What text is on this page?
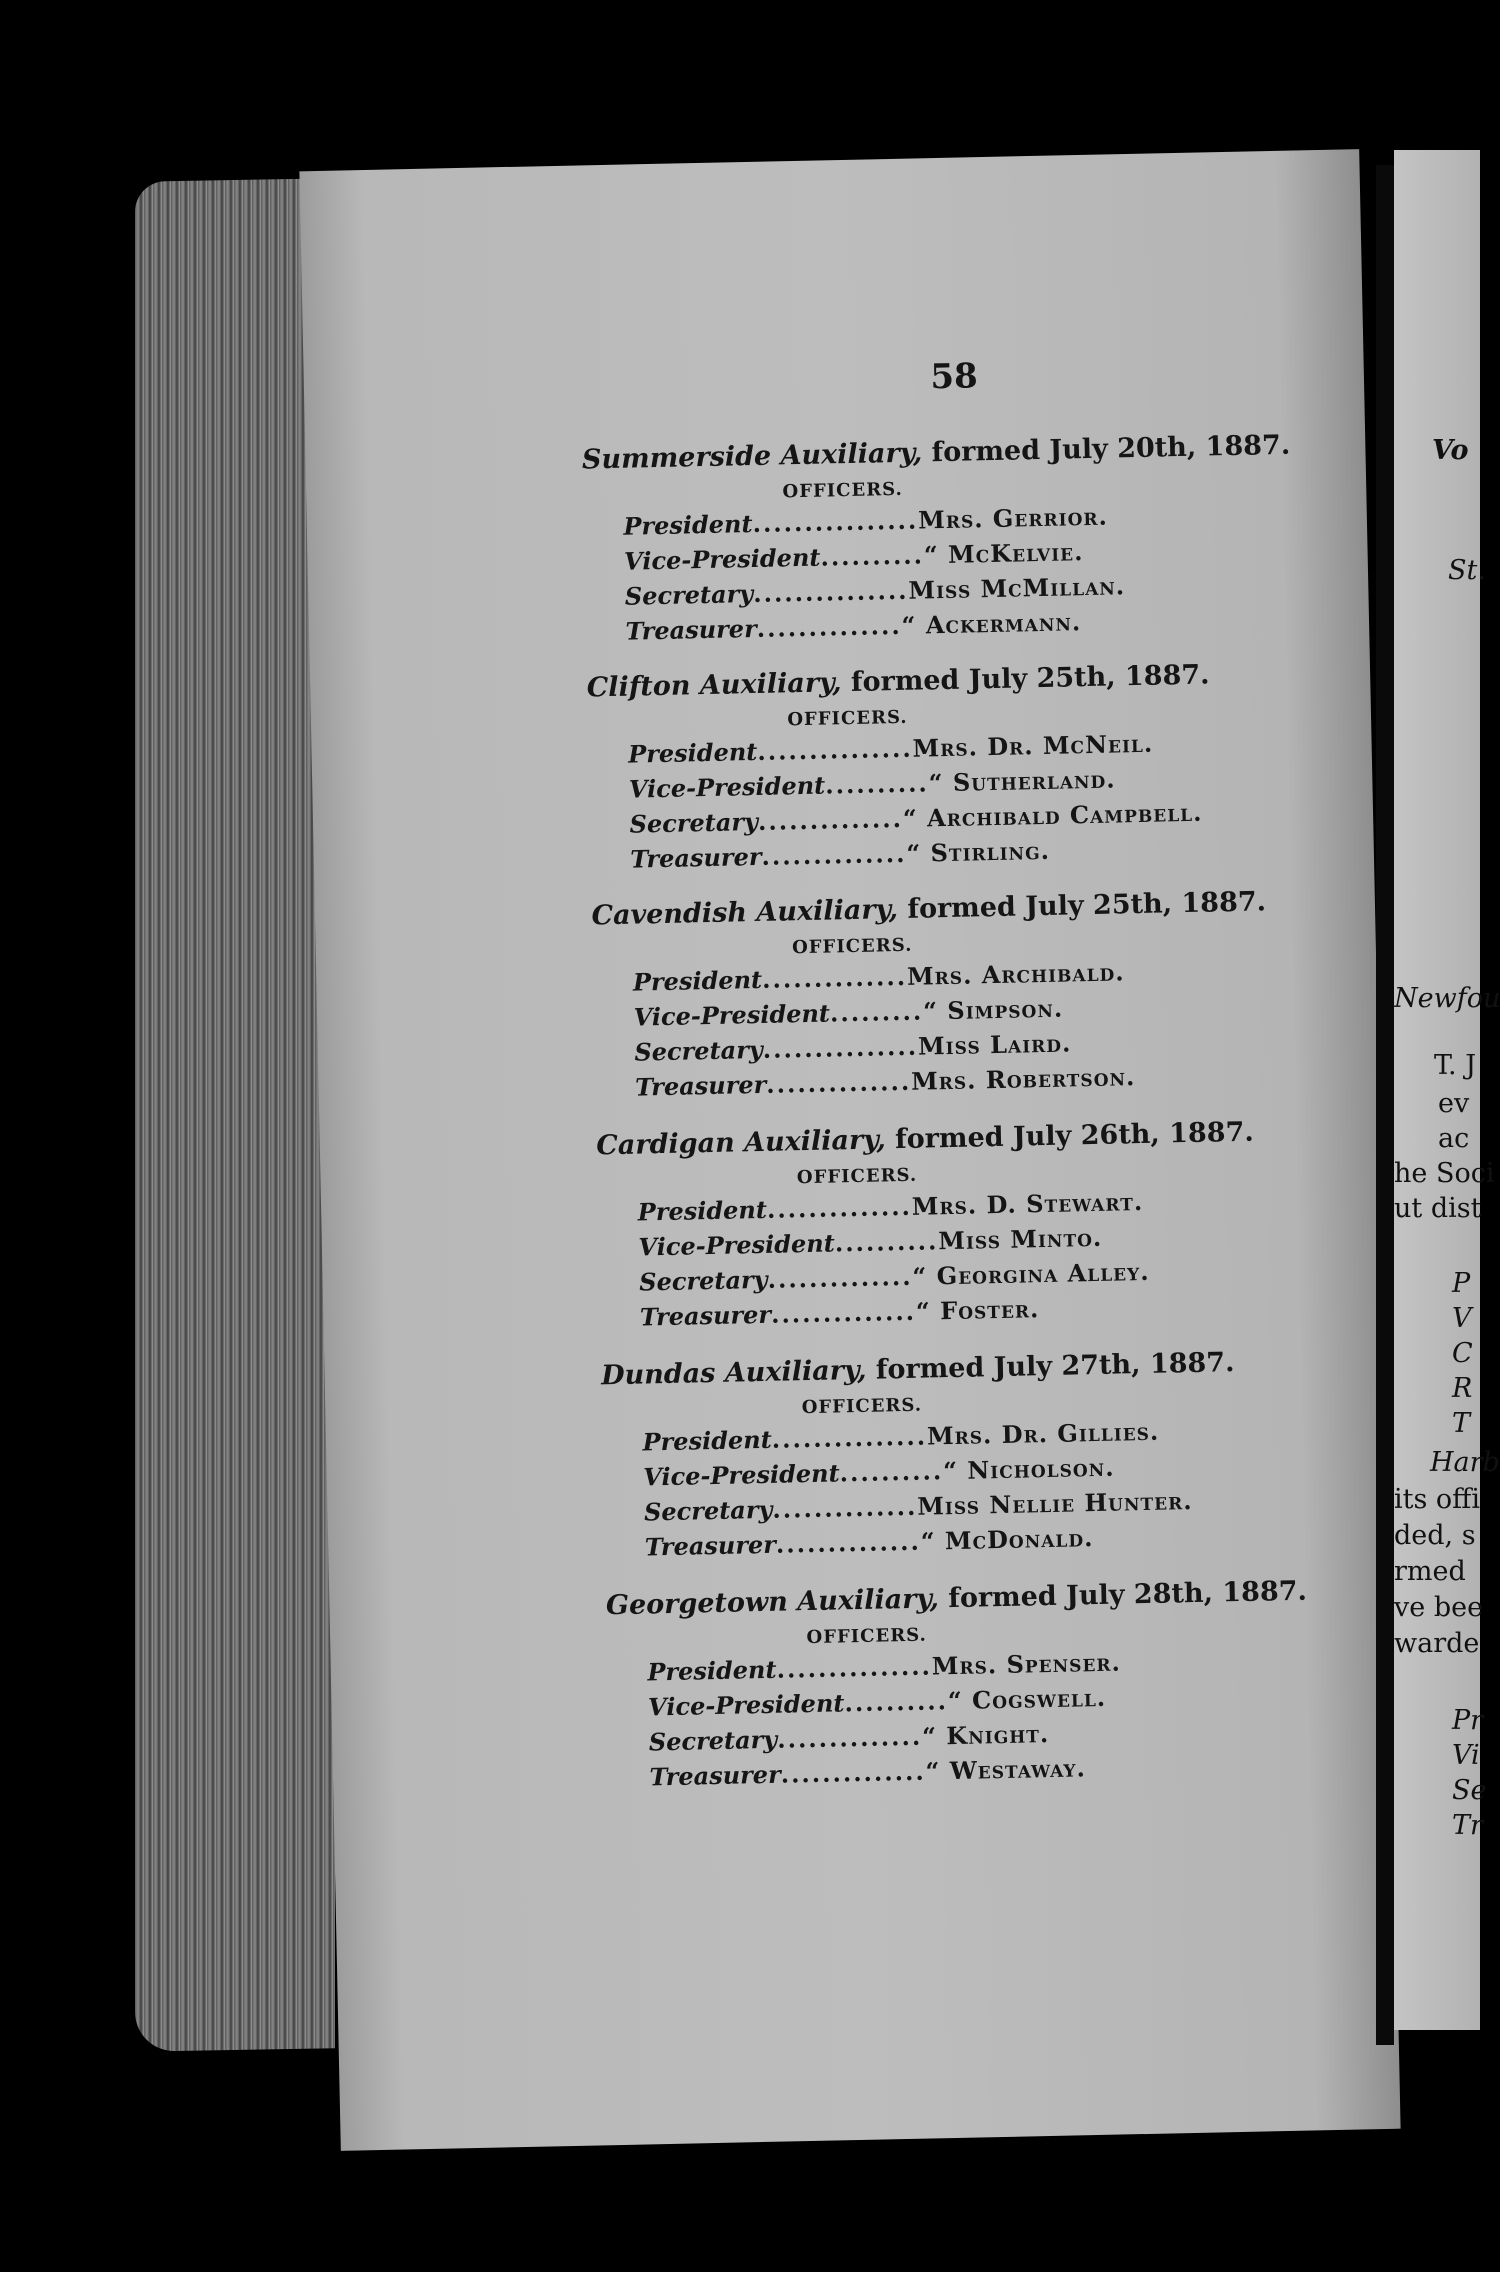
Vo
St.
Newfou
T. J
ev
ac
he Soci
ut dist
P
V
C
R
T
Harb
its offi
ded, s
rmed
ve bee
warde
Pr
Vi
Se
Tr
58
Summerside Auxiliary, formed July 20th, 1887.
OFFICERS.
President ................ Mrs. Gerrior.
Vice-President .......... “ McKelvie.
Secretary ............... Miss McMillan.
Treasurer .............. “ Ackermann.
Clifton Auxiliary, formed July 25th, 1887.
OFFICERS.
President ............... Mrs. Dr. McNeil.
Vice-President .......... “ Sutherland.
Secretary .............. “ Archibald Campbell.
Treasurer .............. “ Stirling.
Cavendish Auxiliary, formed July 25th, 1887.
OFFICERS.
President .............. Mrs. Archibald.
Vice-President ......... “ Simpson.
Secretary ............... Miss Laird.
Treasurer .............. Mrs. Robertson.
Cardigan Auxiliary, formed July 26th, 1887.
OFFICERS.
President .............. Mrs. D. Stewart.
Vice-President .......... Miss Minto.
Secretary .............. “ Georgina Alley.
Treasurer .............. “ Foster.
Dundas Auxiliary, formed July 27th, 1887.
OFFICERS.
President ............... Mrs. Dr. Gillies.
Vice-President .......... “ Nicholson.
Secretary .............. Miss Nellie Hunter.
Treasurer .............. “ McDonald.
Georgetown Auxiliary, formed July 28th, 1887.
OFFICERS.
President ............... Mrs. Spenser.
Vice-President .......... “ Cogswell.
Secretary .............. “ Knight.
Treasurer .............. “ Westaway.
